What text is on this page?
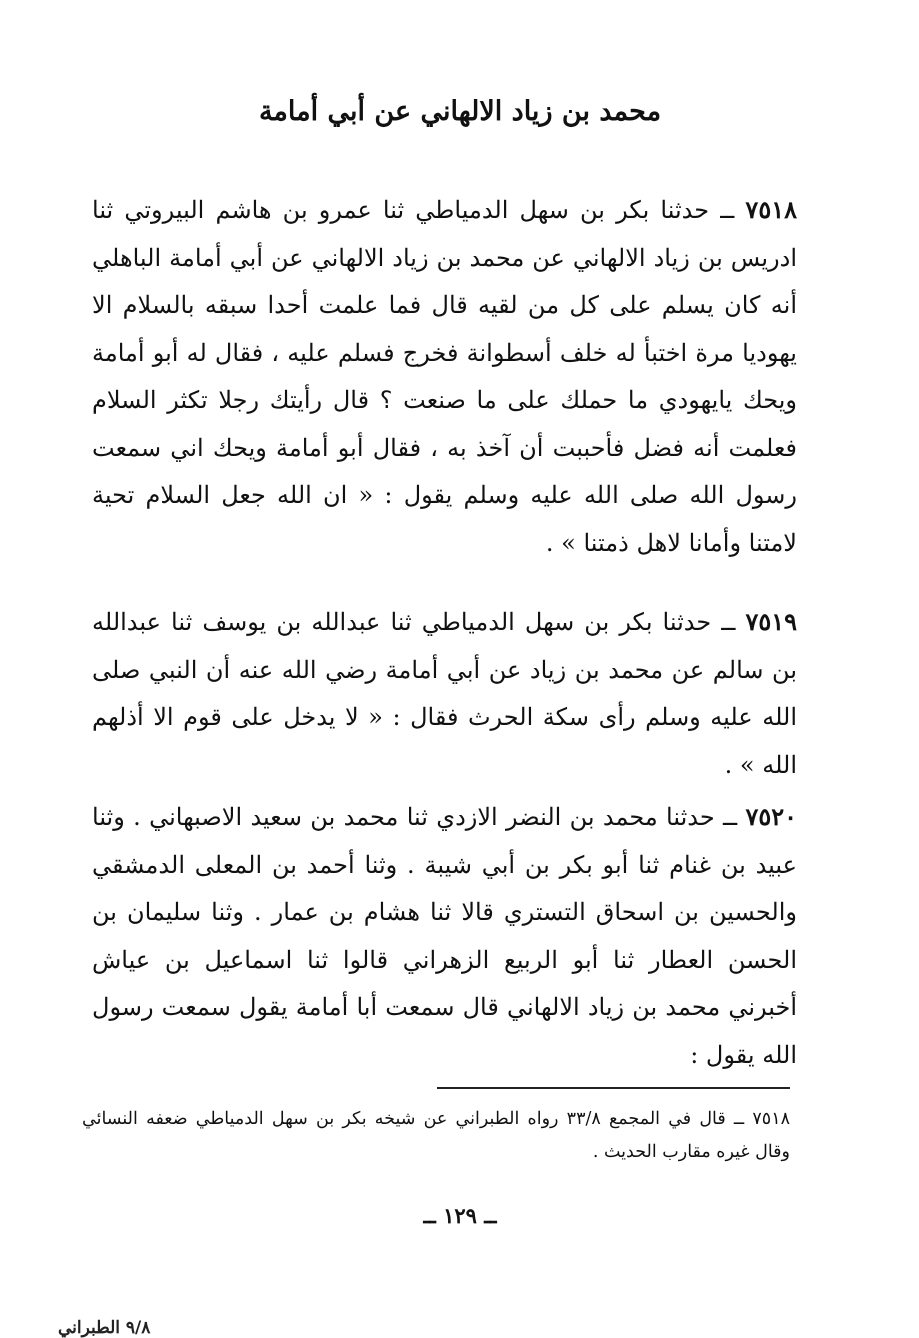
محمد بن زياد الالهاني عن أبي أمامة

٧٥١٨ ــ حدثنا بكر بن سهل الدمياطي ثنا عمرو بن هاشم البيروتي ثنا ادريس بن زياد الالهاني عن محمد بن زياد الالهاني عن أبي أمامة الباهلي أنه كان يسلم على كل من لقيه قال فما علمت أحدا سبقه بالسلام الا يهوديا مرة اختبأ له خلف أسطوانة فخرج فسلم عليه ، فقال له أبو أمامة ويحك يايهودي ما حملك على ما صنعت ؟ قال رأيتك رجلا تكثر السلام فعلمت أنه فضل فأحببت أن آخذ به ، فقال أبو أمامة ويحك اني سمعت رسول الله صلى الله عليه وسلم يقول : « ان الله جعل السلام تحية لامتنا وأمانا لاهل ذمتنا » .

٧٥١٩ ــ حدثنا بكر بن سهل الدمياطي ثنا عبدالله بن يوسف ثنا عبدالله بن سالم عن محمد بن زياد عن أبي أمامة رضي الله عنه أن النبي صلى الله عليه وسلم رأى سكة الحرث فقال : « لا يدخل على قوم الا أذلهم الله » .

٧٥٢٠ ــ حدثنا محمد بن النضر الازدي ثنا محمد بن سعيد الاصبهاني . وثنا عبيد بن غنام ثنا أبو بكر بن أبي شيبة . وثنا أحمد بن المعلى الدمشقي والحسين بن اسحاق التستري قالا ثنا هشام بن عمار . وثنا سليمان بن الحسن العطار ثنا أبو الربيع الزهراني قالوا ثنا اسماعيل بن عياش أخبرني محمد بن زياد الالهاني قال سمعت أبا أمامة يقول سمعت رسول الله يقول :

٧٥١٨ ــ قال في المجمع ٣٣/٨ رواه الطبراني عن شيخه بكر بن سهل الدمياطي ضعفه النسائي وقال غيره مقارب الحديث .

ــ ١٢٩ ــ
٩/٨ الطبراني
